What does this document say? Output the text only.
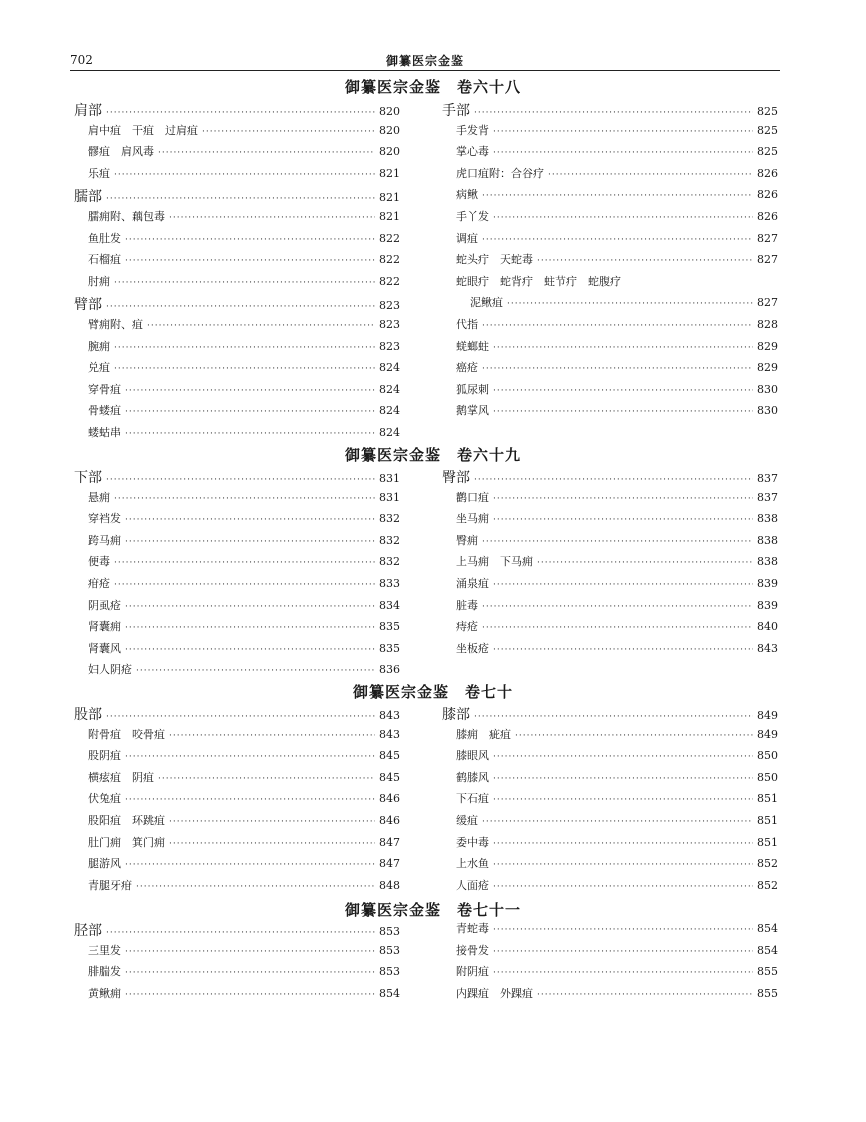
702	御纂医宗金鉴
御纂医宗金鉴　卷六十八
肩部 ·····	820
肩中疽　干疽　过肩疽 ·····	820
髎疽　肩风毒 ·····	820
乐疽 ·····	821
臑部 ·····	821
臑痈附、藕包毒 ·····	821
鱼肚发 ·····	822
石榴疽 ·····	822
肘痈 ·····	822
臂部 ·····	823
臂痈附、疽 ·····	823
腕痈 ·····	823
兑疽 ·····	824
穿骨疽 ·····	824
骨蝼疽 ·····	824
蝼蛄串 ·····	824
手部 ·····	825
手发背 ·····	825
掌心毒 ·····	825
虎口疽附：合谷疗 ·····	826
病鳅 ·····	826
手丫发 ·····	826
调疽 ·····	827
蛇头疔　天蛇毒 ·····	827
蛇眼疔　蛇背疔　蛀节疔　蛇腹疗
泥鳅疽 ·····	827
代指 ·····	828
蜣螂蛀 ·····	829
癌疮 ·····	829
狐尿刺 ·····	830
鹅掌风 ·····	830
御纂医宗金鉴　卷六十九
下部 ·····	831
悬痈 ·····	831
穿裆发 ·····	832
跨马痈 ·····	832
便毒 ·····	832
疳疮 ·····	833
阴虱疮 ·····	834
肾囊痈 ·····	835
肾囊风 ·····	835
妇人阴疮 ·····	836
臀部 ·····	837
鹳口疽 ·····	837
坐马痈 ·····	838
臀痈 ·····	838
上马痈　下马痈 ·····	838
涌泉疽 ·····	839
脏毒 ·····	839
痔疮 ·····	840
坐板疮 ·····	843
御纂医宗金鉴　卷七十
股部 ·····	843
附骨疽　咬骨疽 ·····	843
股阴疽 ·····	845
横痃疽　阴疽 ·····	845
伏兔疽 ·····	846
股阳疽　环跳疽 ·····	846
肚门痈　箕门痈 ·····	847
腿游风 ·····	847
青腿牙疳 ·····	848
膝部 ·····	849
膝痈　疵疽 ·····	849
膝眼风 ·····	850
鹤膝风 ·····	850
下石疽 ·····	851
缓疽 ·····	851
委中毒 ·····	851
上水鱼 ·····	852
人面疮 ·····	852
御纂医宗金鉴　卷七十一
胫部 ·····	853
三里发 ·····	853
腓腨发 ·····	853
黄鳅痈 ·····	854
青蛇毒 ·····	854
接骨发 ·····	854
附阴疽 ·····	855
内踝疽　外踝疽 ·····	855
